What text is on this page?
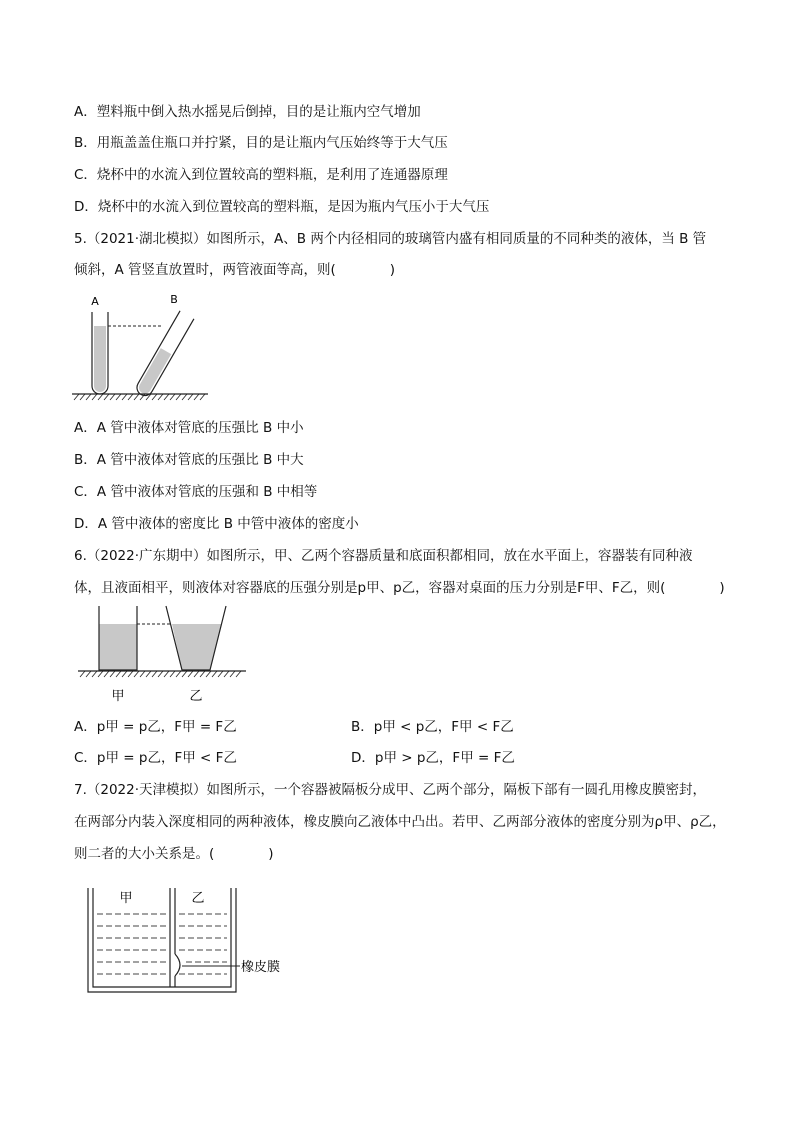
A．塑料瓶中倒入热水摇晃后倒掉，目的是让瓶内空气增加
B．用瓶盖盖住瓶口并拧紧，目的是让瓶内气压始终等于大气压
C．烧杯中的水流入到位置较高的塑料瓶，是利用了连通器原理
D．烧杯中的水流入到位置较高的塑料瓶，是因为瓶内气压小于大气压
5.（2021·湖北模拟）如图所示，A、B 两个内径相同的玻璃管内盛有相同质量的不同种类的液体，当 B 管
倾斜，A 管竖直放置时，两管液面等高，则(　　　　)
A	B
A．A 管中液体对管底的压强比 B 中小
B．A 管中液体对管底的压强比 B 中大
C．A 管中液体对管底的压强和 B 中相等
D．A 管中液体的密度比 B 中管中液体的密度小
6.（2022·广东期中）如图所示，甲、乙两个容器质量和底面积都相同，放在水平面上，容器装有同种液
体，且液面相平，则液体对容器底的压强分别是p甲、p乙，容器对桌面的压力分别是F甲、F乙，则(　　　　)
甲	乙
A．p甲 = p乙，F甲 = F乙	B．p甲 < p乙，F甲 < F乙
C．p甲 = p乙，F甲 < F乙	D．p甲 > p乙，F甲 = F乙
7.（2022·天津模拟）如图所示，一个容器被隔板分成甲、乙两个部分，隔板下部有一圆孔用橡皮膜密封，
在两部分内装入深度相同的两种液体，橡皮膜向乙液体中凸出。若甲、乙两部分液体的密度分别为ρ甲、ρ乙，
则二者的大小关系是。(　　　　)
甲	乙
橡皮膜
